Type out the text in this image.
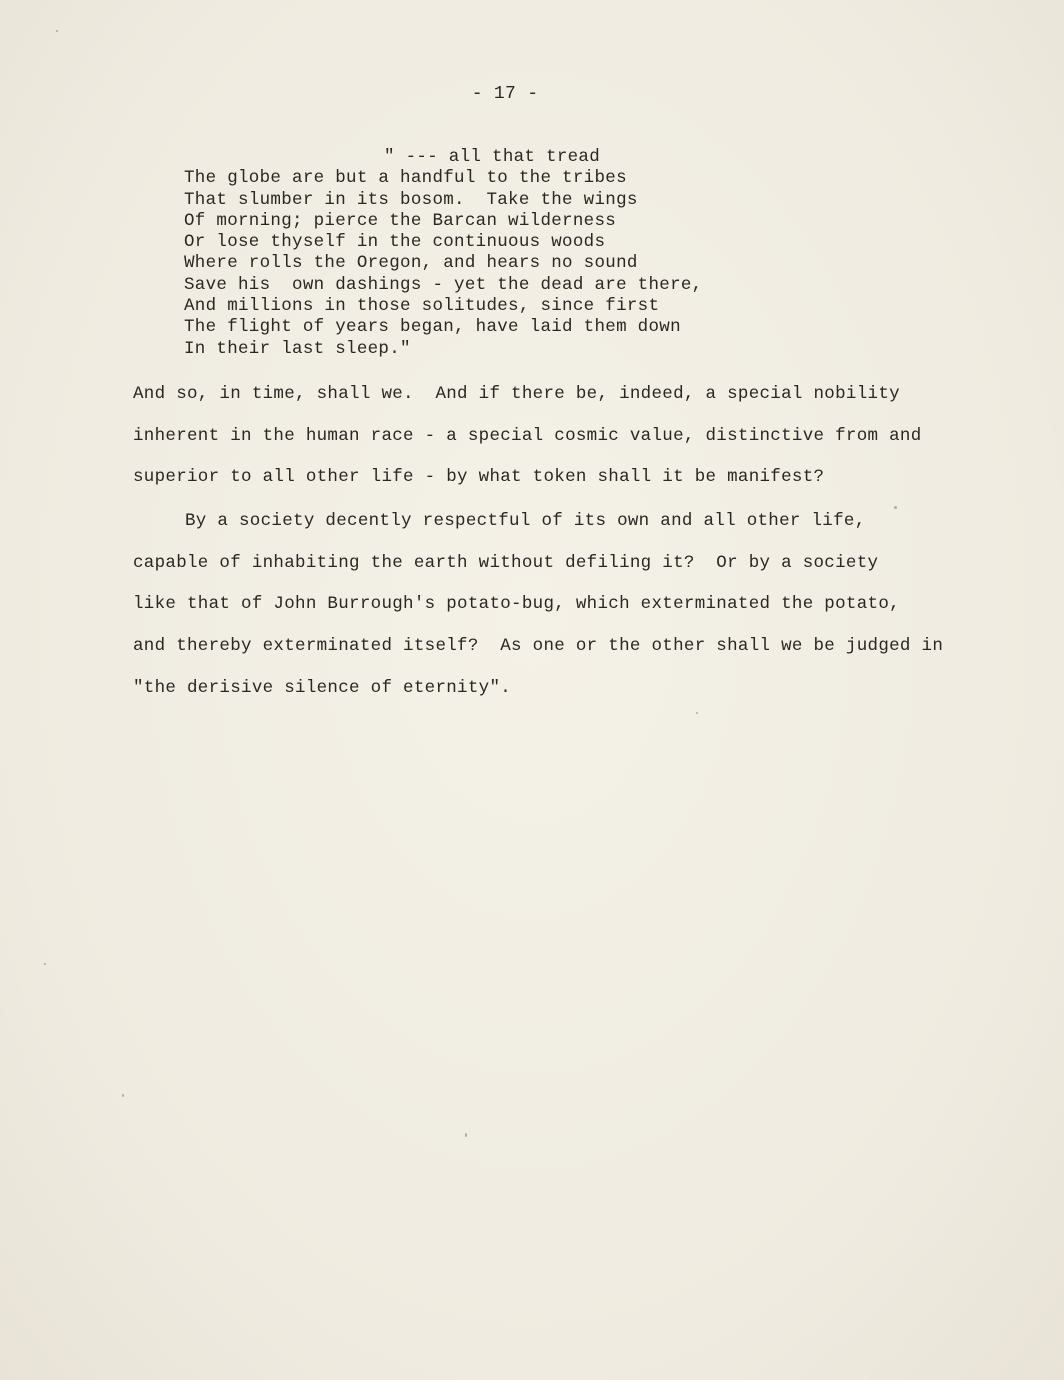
- 17 -
" --- all that tread
The globe are but a handful to the tribes
That slumber in its bosom.  Take the wings
Of morning; pierce the Barcan wilderness
Or lose thyself in the continuous woods
Where rolls the Oregon, and hears no sound
Save his  own dashings - yet the dead are there,
And millions in those solitudes, since first
The flight of years began, have laid them down
In their last sleep."
And so, in time, shall we.  And if there be, indeed, a special nobility
inherent in the human race - a special cosmic value, distinctive from and
superior to all other life - by what token shall it be manifest?
By a society decently respectful of its own and all other life,
capable of inhabiting the earth without defiling it?  Or by a society
like that of John Burrough's potato-bug, which exterminated the potato,
and thereby exterminated itself?  As one or the other shall we be judged in
"the derisive silence of eternity".
